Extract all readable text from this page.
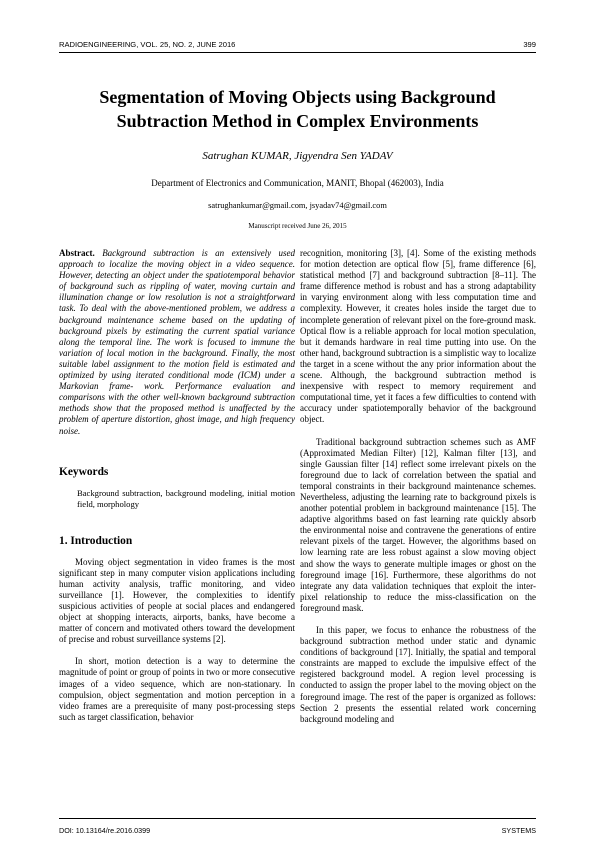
RADIOENGINEERING, VOL. 25, NO. 2, JUNE 2016	399
Segmentation of Moving Objects using Background Subtraction Method in Complex Environments
Satrughan KUMAR, Jigyendra Sen YADAV
Department of Electronics and Communication, MANIT, Bhopal (462003), India
satrughankumar@gmail.com, jsyadav74@gmail.com
Manuscript received June 26, 2015

Abstract. Background subtraction is an extensively used approach to localize the moving object in a video sequence. However, detecting an object under the spatiotemporal behavior of background such as rippling of water, moving curtain and illumination change or low resolution is not a straightforward task. To deal with the above-mentioned problem, we address a background maintenance scheme based on the updating of background pixels by estimating the current spatial variance along the temporal line. The work is focused to immune the variation of local motion in the background. Finally, the most suitable label assignment to the motion field is estimated and optimized by using iterated conditional mode (ICM) under a Markovian frame- work. Performance evaluation and comparisons with the other well-known background subtraction methods show that the proposed method is unaffected by the problem of aperture distortion, ghost image, and high frequency noise.

Keywords

Background subtraction, background modeling, initial motion field, morphology

1. Introduction

Moving object segmentation in video frames is the most significant step in many computer vision applications including human activity analysis, traffic monitoring, and video surveillance [1]. However, the complexities to identify suspicious activities of people at social places and endangered object at shopping interacts, airports, banks, have become a matter of concern and motivated others toward the development of precise and robust surveillance systems [2].

In short, motion detection is a way to determine the magnitude of point or group of points in two or more consecutive images of a video sequence, which are non-stationary. In compulsion, object segmentation and motion perception in a video frames are a prerequisite of many post-processing steps such as target classification, behavior

recognition, monitoring [3], [4]. Some of the existing methods for motion detection are optical flow [5], frame difference [6], statistical method [7] and background subtraction [8–11]. The frame difference method is robust and has a strong adaptability in varying environment along with less computation time and complexity. However, it creates holes inside the target due to incomplete generation of relevant pixel on the fore-ground mask. Optical flow is a reliable approach for local motion speculation, but it demands hardware in real time putting into use. On the other hand, background subtraction is a simplistic way to localize the target in a scene without the any prior information about the scene. Although, the background subtraction method is inexpensive with respect to memory requirement and computational time, yet it faces a few difficulties to contend with accuracy under spatiotemporally behavior of the background object.

Traditional background subtraction schemes such as AMF (Approximated Median Filter) [12], Kalman filter [13], and single Gaussian filter [14] reflect some irrelevant pixels on the foreground due to lack of correlation between the spatial and temporal constraints in their background maintenance schemes. Nevertheless, adjusting the learning rate to background pixels is another potential problem in background maintenance [15]. The adaptive algorithms based on fast learning rate quickly absorb the environmental noise and contravene the generations of entire relevant pixels of the target. However, the algorithms based on low learning rate are less robust against a slow moving object and show the ways to generate multiple images or ghost on the foreground image [16]. Furthermore, these algorithms do not integrate any data validation techniques that exploit the inter-pixel relationship to reduce the miss-classification on the foreground mask.

In this paper, we focus to enhance the robustness of the background subtraction method under static and dynamic conditions of background [17]. Initially, the spatial and temporal constraints are mapped to exclude the impulsive effect of the registered background model. A region level processing is conducted to assign the proper label to the moving object on the foreground image. The rest of the paper is organized as follows: Section 2 presents the essential related work concerning background modeling and

DOI: 10.13164/re.2016.0399	SYSTEMS
